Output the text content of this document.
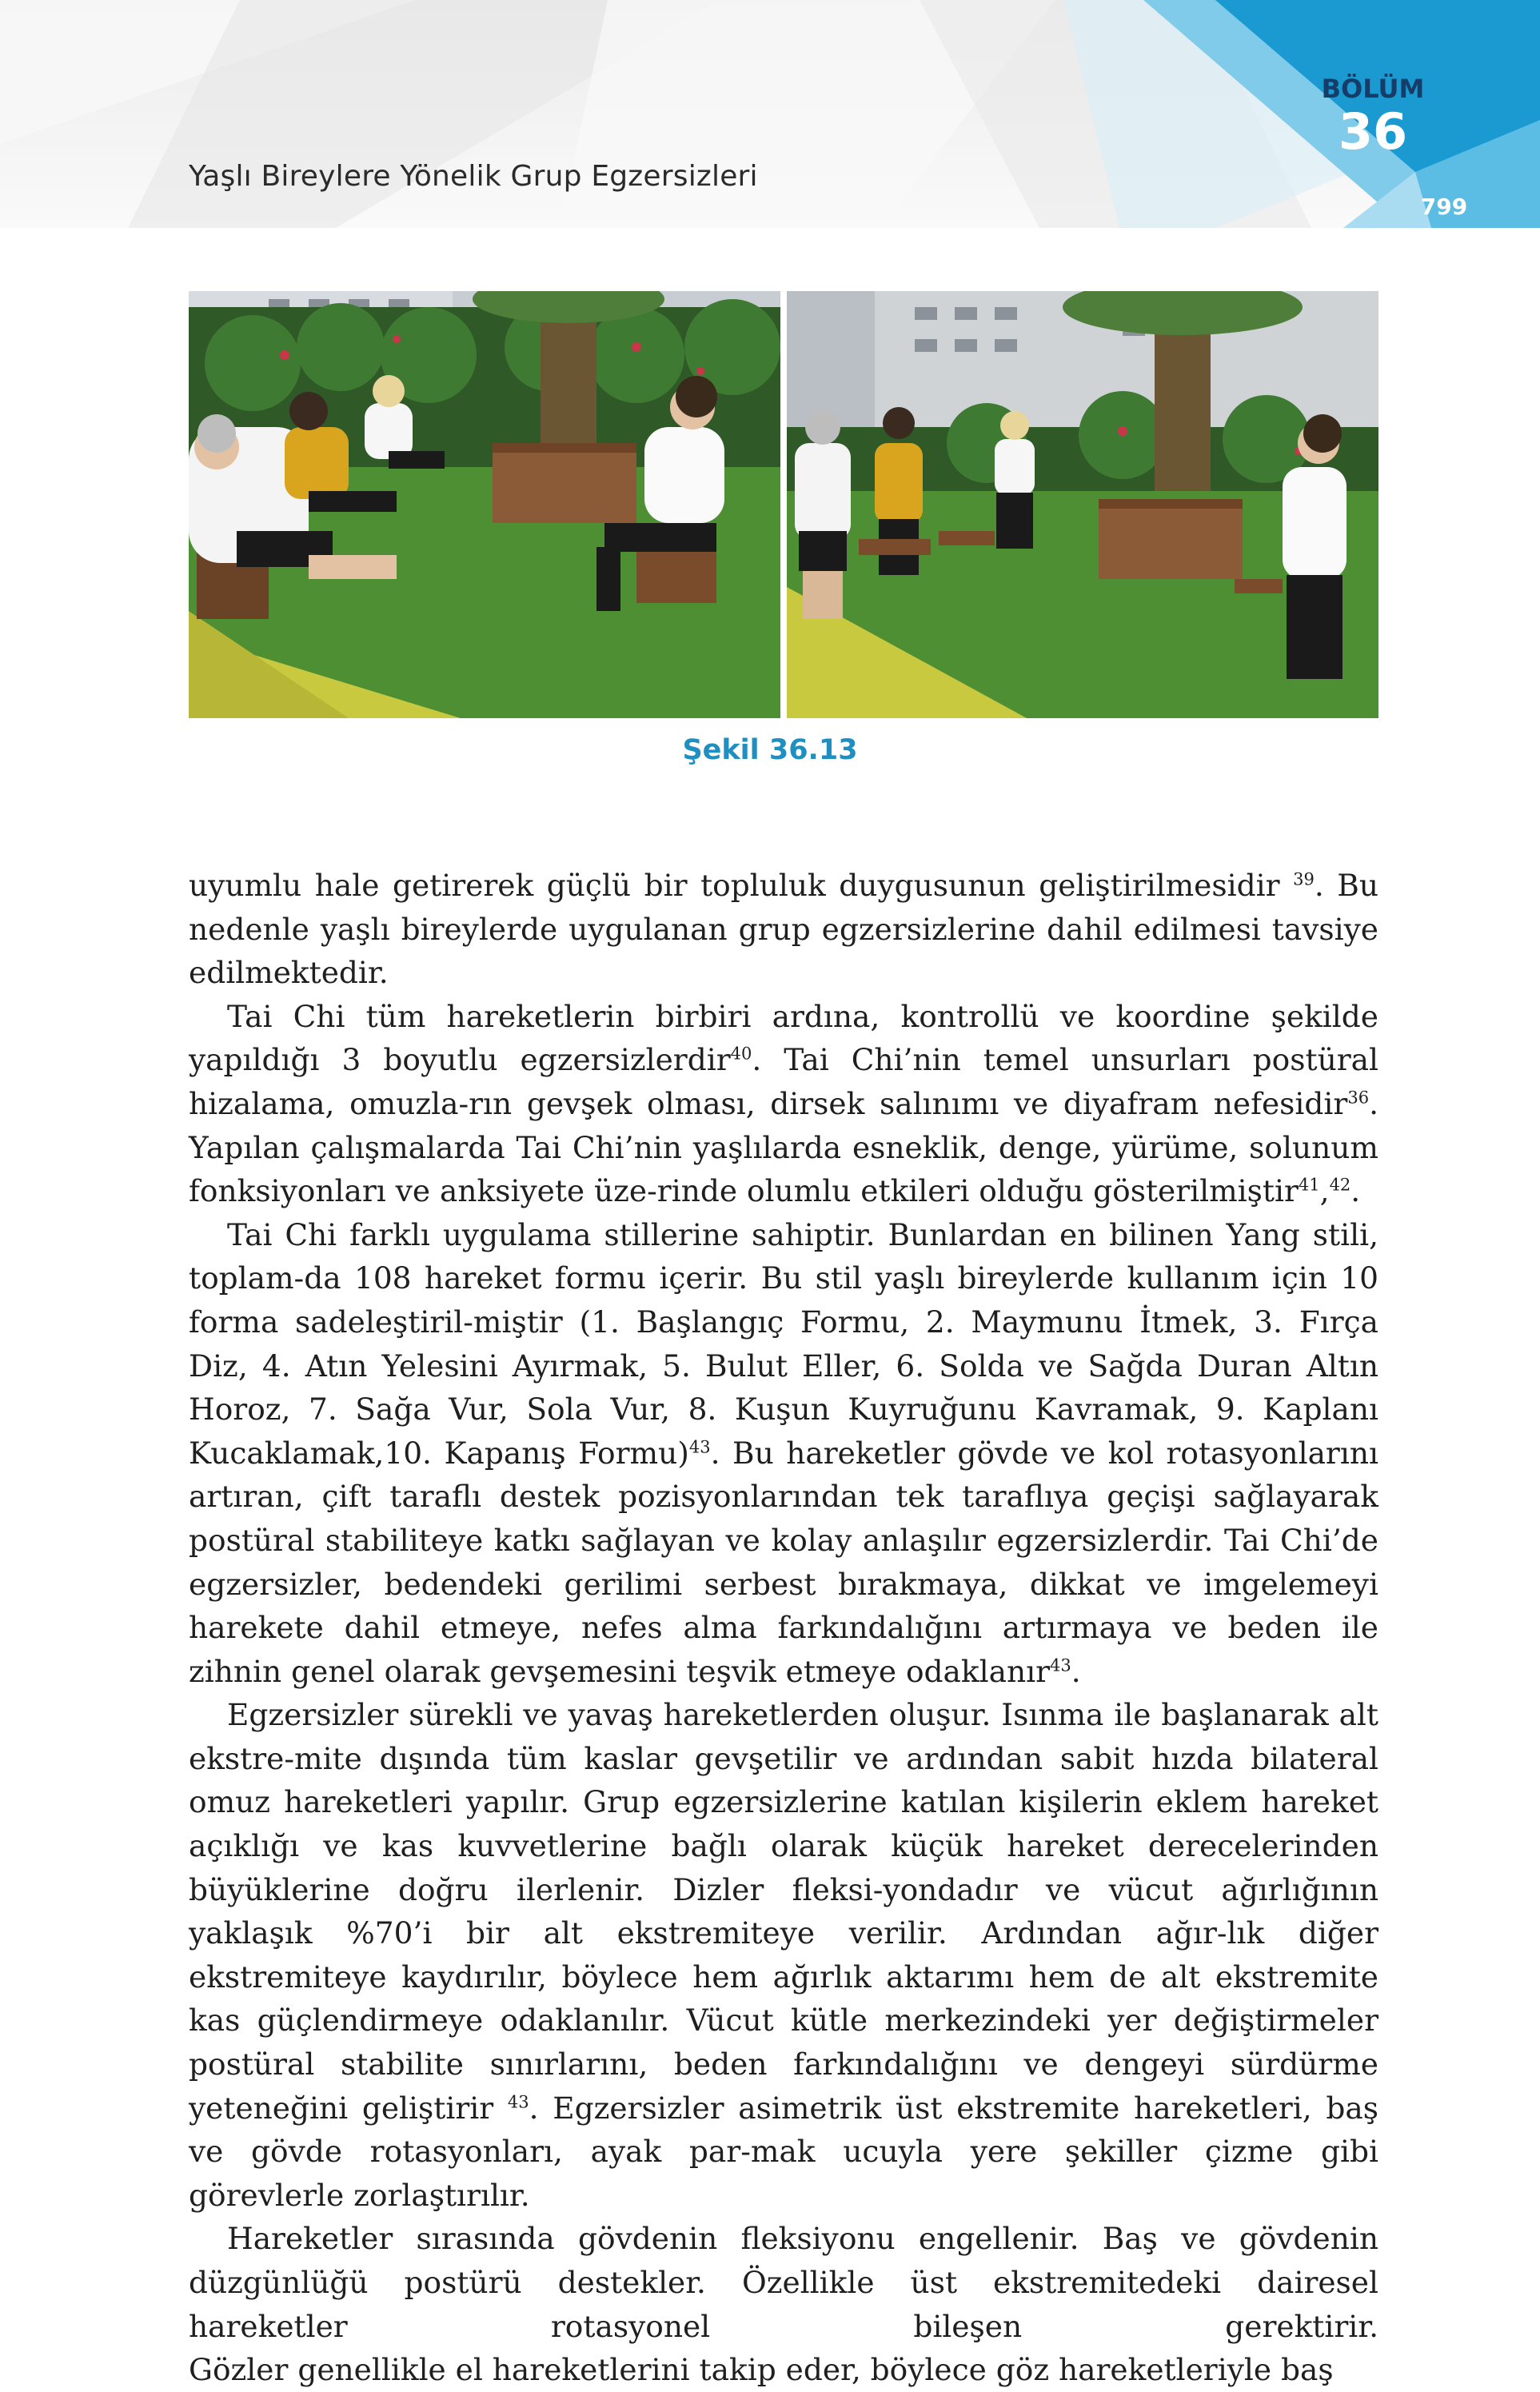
Yaşlı Bireylere Yönelik Grup Egzersizleri
BÖLÜM
36
799
Şekil 36.13

uyumlu hale getirerek güçlü bir topluluk duygusunun geliştirilmesidir $^{39}$. Bu nedenle yaşlı bireylerde uygulanan grup egzersizlerine dahil edilmesi tavsiye edilmektedir.

Tai Chi tüm hareketlerin birbiri ardına, kontrollü ve koordine şekilde yapıldığı 3 boyutlu egzersizlerdir$^{40}$. Tai Chi’nin temel unsurları postüral hizalama, omuzla-rın gevşek olması, dirsek salınımı ve diyafram nefesidir$^{36}$. Yapılan çalışmalarda Tai Chi’nin yaşlılarda esneklik, denge, yürüme, solunum fonksiyonları ve anksiyete üze-rinde olumlu etkileri olduğu gösterilmiştir$^{41}$,$^{42}$.

Tai Chi farklı uygulama stillerine sahiptir. Bunlardan en bilinen Yang stili, toplam-da 108 hareket formu içerir. Bu stil yaşlı bireylerde kullanım için 10 forma sadeleştiril-miştir (1. Başlangıç Formu, 2. Maymunu İtmek, 3. Fırça Diz, 4. Atın Yelesini Ayırmak, 5. Bulut Eller, 6. Solda ve Sağda Duran Altın Horoz, 7. Sağa Vur, Sola Vur, 8. Kuşun Kuyruğunu Kavramak, 9. Kaplanı Kucaklamak,10. Kapanış Formu)$^{43}$. Bu hareketler gövde ve kol rotasyonlarını artıran, çift taraflı destek pozisyonlarından tek taraflıya geçişi sağlayarak postüral stabiliteye katkı sağlayan ve kolay anlaşılır egzersizlerdir. Tai Chi’de egzersizler, bedendeki gerilimi serbest bırakmaya, dikkat ve imgelemeyi harekete dahil etmeye, nefes alma farkındalığını artırmaya ve beden ile zihnin genel olarak gevşemesini teşvik etmeye odaklanır$^{43}$.

Egzersizler sürekli ve yavaş hareketlerden oluşur. Isınma ile başlanarak alt ekstre-mite dışında tüm kaslar gevşetilir ve ardından sabit hızda bilateral omuz hareketleri yapılır. Grup egzersizlerine katılan kişilerin eklem hareket açıklığı ve kas kuvvetlerine bağlı olarak küçük hareket derecelerinden büyüklerine doğru ilerlenir. Dizler fleksi-yondadır ve vücut ağırlığının yaklaşık %70’i bir alt ekstremiteye verilir. Ardından ağır-lık diğer ekstremiteye kaydırılır, böylece hem ağırlık aktarımı hem de alt ekstremite kas güçlendirmeye odaklanılır. Vücut kütle merkezindeki yer değiştirmeler postüral stabilite sınırlarını, beden farkındalığını ve dengeyi sürdürme yeteneğini geliştirir $^{43}$. Egzersizler asimetrik üst ekstremite hareketleri, baş ve gövde rotasyonları, ayak par-mak ucuyla yere şekiller çizme gibi görevlerle zorlaştırılır.

Hareketler sırasında gövdenin fleksiyonu engellenir. Baş ve gövdenin düzgünlüğü postürü destekler. Özellikle üst ekstremitedeki dairesel hareketler rotasyonel bileşen gerektirir. Gözler genellikle el hareketlerini takip eder, böylece göz hareketleriyle baş
